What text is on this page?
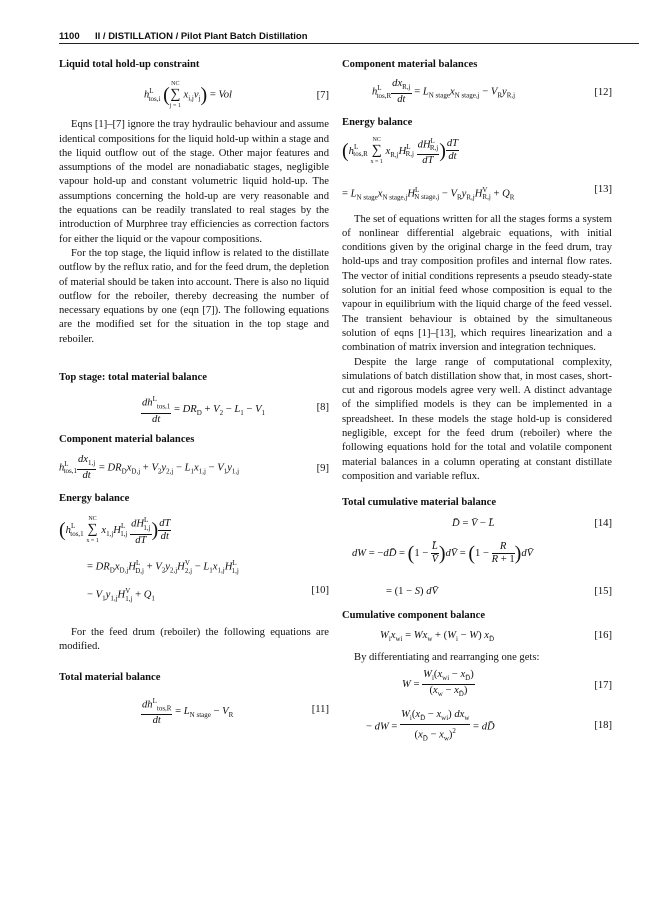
1100 II / DISTILLATION / Pilot Plant Batch Distillation
Liquid total hold-up constraint
$h^L_{tos,i}$ ( NC
∑
j = 1
$x_{i,j}v_j$) = Vol	[7]

Eqns [1]–[7] ignore the tray hydraulic behaviour and assume identical compositions for the liquid hold-up within a stage and the liquid outflow out of the stage. Other major features and assumptions of the model are nonadiabatic stages, negligible vapour hold-up and constant volumetric liquid hold-up. The assumptions concerning the hold-up are very reasonable and the equations can be readily translated to real stages by the introduction of Murphree tray efficiencies as correction factors for either the liquid or the vapour compositions.

For the top stage, the liquid inflow is related to the distillate outflow by the reflux ratio, and for the feed drum, the depletion of material should be taken into account. There is also no liquid outflow for the reboiler, thereby decreasing the number of necessary equations by one (eqn [7]). The following equations are the modified set for the situation in the top stage and reboiler.

Top stage: total material balance
$\frac{dh^L_{tos,1}}{dt} = DR_D + V_2 - L_1 - V_1$	[8]
Component material balances
$h^L_{tos,1} \frac{dx_{1,j}}{dt} = DR_Dx_{D,j} + V_2y_{2,j} - L_1x_{1,j} - V_1y_{1,j}$	[9]
Energy balance
($h^L_{tos,1}$
NC
∑
x = 1
$x_{1,j}H^L_{1,j} \frac{dH^L_{1,j}}{dT}$ ) $\frac{dT}{dt}$
= $DR_Dx_{D,j}H^L_{D,j} + V_2y_{2,j}H^V_{2,j} - L_1x_{1,j}H^L_{1,j}$
− $V_1y_{1,j}H^V_{1,j} + Q_1$
[10]

For the feed drum (reboiler) the following equations are modified.

Total material balance
$\frac{dh^L_{tos,R}}{dt} = L_{N stage} - V_R$	[11]
Component material balances
$h^L_{tos,R} \frac{dx_{R,j}}{dt} = L_{N stage}x_{N stage,j} - V_Ry_{R,j}$	[12]
Energy balance
($h^L_{tos,R}$
NC
∑
x = 1
$x_{R,j}H^L_{R,j} \frac{dH^L_{R,j}}{dT}$ ) $\frac{dT}{dt}$
= $L_{N stage}x_{N stage,j}H^L_{N stage,j} - V_Ry_{R,j}H^V_{R,j} + Q_R$
[13]

The set of equations written for all the stages forms a system of nonlinear differential algebraic equations, with initial conditions given by the original charge in the feed drum, tray hold-ups and tray composition profiles and internal flow rates. The vector of initial conditions represents a pseudo steady-state solution for an initial feed whose composition is equal to the vapour in equilibrium with the liquid charge of the feed vessel. The transient behaviour is obtained by the simultaneous solution of eqns [1]–[13], which requires linearization and a combination of matrix inversion and integration techniques.

Despite the large range of computational complexity, simulations of batch distillation show that, in most cases, short-cut and rigorous models agree very well. A distinct advantage of the simplified models is they can be implemented in a spreadsheet. In these models the stage hold-up is considered negligible, except for the feed drum (reboiler) where the following equations hold for the total and volatile component material balances in a column operating at constant distillate composition and variable reflux.

Total cumulative material balance
D̄ = V̄ − L̄	[14]
dW = −dD̄ = ($1 - \frac{L̄}{V̄}$ )dV̄ = ($1 - \frac{R}{R + 1}$ )dV̄
= (1 − S) dV̄	[15]
Cumulative component balance
$W_ix_{wi} = Wx_w + (W_i - W)$ $x_{D̄}$	[16]

By differentiating and rearranging one gets:

$W = \frac{W_i(x_{wi} - x_{D̄})}{(x_w - x_{D̄})}$	[17]
− dW = $\frac{W_i(x_{D̄} - x_{wi}) dx_w}{(x_{D̄} - x_w)^2}$ = dD̄	[18]
